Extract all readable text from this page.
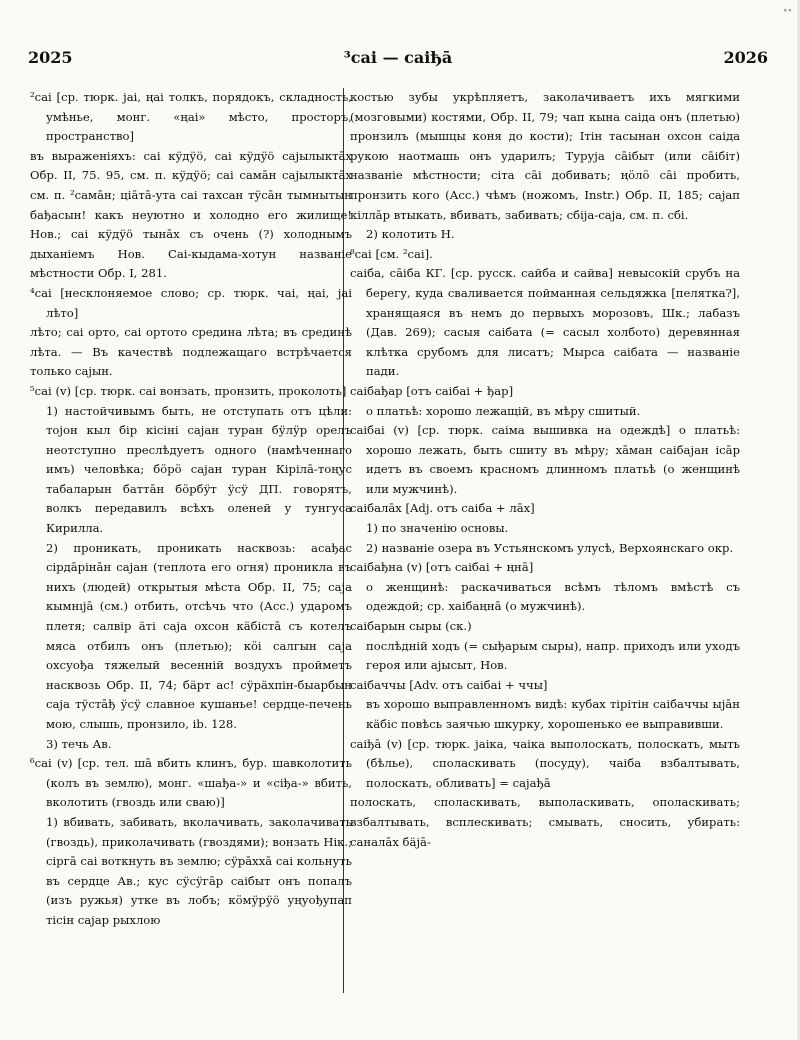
∙∙
2025	³саі — саіђā	2026

²саі [ср. тюрк. jaі, ңаі толкъ, порядокъ, складность, умѣнье, монг. «ңаі» мѣсто, просторъ, пространство]

въ выраженіяхъ: саі кӱдӱö, саі кӱдӱö саjылыктāх Обр. II, 75. 95, см. п. кӱдӱö; саі самāн саjылыктāх см. п. ²самāн; ціāтā-ута саі тахсан тӱсāн тымнытын бађасын! какъ неуютно и холодно его жилище! Нов.; саі кӱдӱö тынāх съ очень (?) холоднымъ дыханіемъ Нов. Саі-кыдама-хотун названіе мѣстности Обр. I, 281.

⁴саі [несклоняемое слово; ср. тюрк. чаі, ңаі, jaі лѣто]

лѣто; саі орто, саі ортото средина лѣта; въ срединѣ лѣта. — Въ качествѣ подлежащаго встрѣчается только саjын.

⁵саі (v) [ср. тюрк. саі вонзать, пронзить, проколоть]

1) настойчивымъ быть, не отступать отъ цѣли: тојон кыл бір кісіні саjан туран бӱлӱр орелъ неотступно преслѣдуетъ одного (намѣченнаго имъ) человѣка; бӧрӧ саjан туран Кірілā-тоңус табаларын баттāн бӧрбӱт ӱсӱ ДП. говорятъ, волкъ передавилъ всѣхъ оленей у тунгуса Кирилла.

2) проникать, проникать насквозь: асађас сірдāрінāн саjан (теплота его огня) проникла въ нихъ (людей) открытыя мѣста Обр. II, 75; саjа кымнıjā (см.) отбить, отсѣчь что (Асс.) ударомъ плетя; салвір äті саjа охсон кäбістā съ котелъ мяса отбилъ онъ (плетью); кӧі салгын саjа охсуођа тяжелый весенній воздухъ пройметъ насквозь Обр. II, 74; бäрт ас! сӱрäхпін-быарбын саjа тӱстāђ ӱсӱ славное кушанье! сердце-печень мою, слышь, пронзило, ib. 128.

3) течь Ав.

⁶саі (v) [ср. тел. шā вбить клинъ, бур. шавколотить (колъ въ землю), монг. «шађа-» и «сіђа-» вбить, вколотить (гвоздь или сваю)]

1) вбивать, забивать, вколачивать, заколачивать (гвоздь), приколачивать (гвоздями); вонзать Нік.; сіргā саі воткнуть въ землю; сӱрāххā саі кольнуть въ сердце Ав.; кус сӱсӱгāр саібыт онъ попалъ (изъ ружья) утке въ лобъ; кӧмӱрӱö уңуођупап тісін саjар рыхлою

костью зубы укрѣпляетъ, заколачиваетъ ихъ мягкими (мозговыми) костями, Обр. II, 79; чап кына саіда онъ (плетью) пронзилъ (мышцы коня до кости); Ітін тасынан охсон саіда рукою наотмашь онъ ударилъ; Туруја сāібыт (или сāібіт) названіе мѣстности; сіта сāі добивать; ңӧлӧ сāі пробить, пронзить кого (Асс.) чѣмъ (ножомъ, Instr.) Обр. II, 185; саjап кіллāр втыкать, вбивать, забивать; сбіја-саја, см. п. сбі.

2) колотить Н.

⁸саі [см. ²саі].

саіба, сāіба КГ. [ср. русск. сайба и сайва] невысокій срубъ на берегу, куда сваливается пойманная сельдяжка [пелятка?], хранящаяся въ немъ до первыхъ морозовъ, Шк.; лабазъ (Дав. 269); сасыя саібата (= сасыл холбото) деревянная клѣтка срубомъ для лисатъ; Мырса саібата — названіе пади.

саібађар [отъ саібаі + ђар]

о платьѣ: хорошо лежащій, въ мѣру сшитый.

саібаі (v) [ср. тюрк. саіма вышивка на одеждѣ] о платьѣ: хорошо лежать, быть сшиту въ мѣру; хāман саібајан ісāр идетъ въ своемъ красномъ длинномъ платьѣ (о женщинѣ или мужчинѣ).

саібалāх [Adj. отъ саіба + лāх]

1) по значенію основы.

2) названіе озера въ Устьянскомъ улусѣ, Верхоянскаго окр.

саібађна (v) [отъ саібаі + ңнā]

о женщинѣ: раскачиваться всѣмъ тѣломъ вмѣстѣ съ одеждой; ср. хаібаңнā (о мужчинѣ).

саібарын сыры (ск.)

послѣдній ходъ (= сыђарым сыры), напр. приходъ или уходъ героя или ајысыт, Нов.

саібаччы [Adv. отъ саібаі + ччы]

въ хорошо выправленномъ видѣ: кубах тірітін саібаччы ыјāн кäбіс повѣсь заячью шкурку, хорошенько ее выправивши.

саіђā (v) [ср. тюрк. jaiка, чаіка выполоскать, полоскать, мыть (бѣлье), споласкивать (посуду), чаіба взбалтывать, полоскать, обливать] = саjађā

полоскать, споласкивать, выполаскивать, ополаскивать; взбалтывать, всплескивать; смывать, сносить, убирать: саналāх бäjā-
